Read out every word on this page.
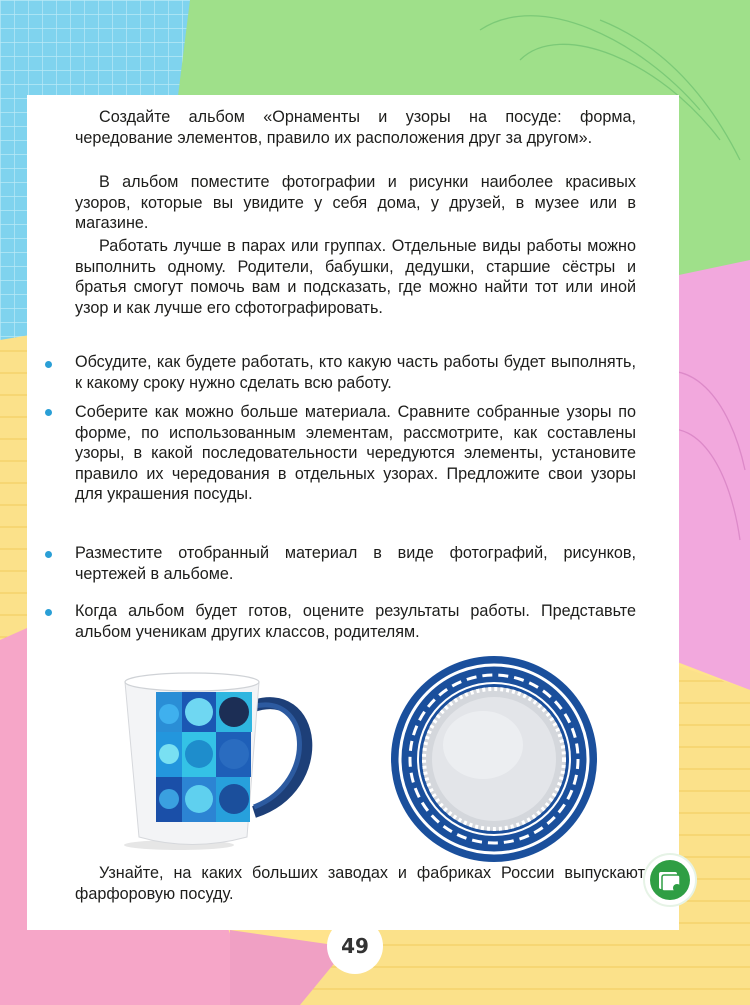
Создайте альбом «Орнаменты и узоры на посуде: форма, чередование элементов, правило их расположения друг за другом».
В альбом поместите фотографии и рисунки наиболее красивых узоров, которые вы увидите у себя дома, у друзей, в музее или в магазине.
Работать лучше в парах или группах. Отдельные виды работы можно выполнить одному. Родители, бабушки, дедушки, старшие сёстры и братья смогут помочь вам и подсказать, где можно найти тот или иной узор и как лучше его сфотографировать.
Обсудите, как будете работать, кто какую часть работы будет выполнять, к какому сроку нужно сделать всю работу.
Соберите как можно больше материала. Сравните собранные узоры по форме, по использованным элементам, рассмотрите, как составлены узоры, в какой последовательности чередуются элементы, установите правило их чередования в отдельных узорах. Предложите свои узоры для украшения посуды.
Разместите отобранный материал в виде фотографий, рисунков, чертежей в альбоме.
Когда альбом будет готов, оцените результаты работы. Представьте альбом ученикам других классов, родителям.
Узнайте, на каких больших заводах и фабриках России выпускают фарфоровую посуду.
49
